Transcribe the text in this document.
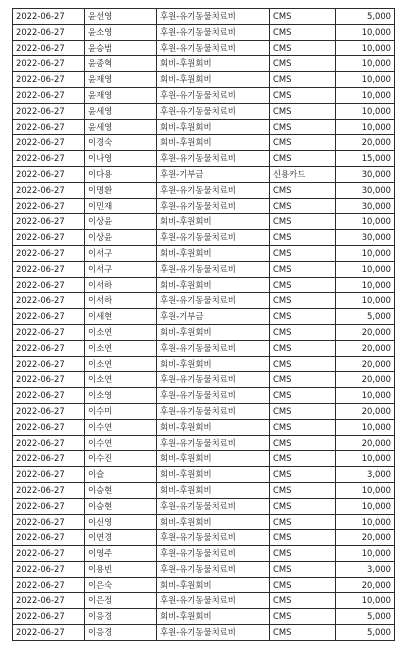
2022-06-27	윤선영	후원-유기동물치료비	CMS	5,000
2022-06-27	윤소영	후원-유기동물치료비	CMS	10,000
2022-06-27	윤승범	후원-유기동물치료비	CMS	10,000
2022-06-27	윤종혁	회비-후원회비	CMS	10,000
2022-06-27	윤재영	회비-후원회비	CMS	10,000
2022-06-27	윤재영	후원-유기동물치료비	CMS	10,000
2022-06-27	윤세영	후원-유기동물치료비	CMS	10,000
2022-06-27	윤세영	회비-후원회비	CMS	10,000
2022-06-27	이경숙	회비-후원회비	CMS	20,000
2022-06-27	이나영	후원-유기동물치료비	CMS	15,000
2022-06-27	이다용	후원-기부금	신용카드	30,000
2022-06-27	이명환	후원-유기동물치료비	CMS	30,000
2022-06-27	이민재	후원-유기동물치료비	CMS	30,000
2022-06-27	이상윤	회비-후원회비	CMS	10,000
2022-06-27	이상윤	후원-유기동물치료비	CMS	30,000
2022-06-27	이서구	회비-후원회비	CMS	10,000
2022-06-27	이서구	후원-유기동물치료비	CMS	10,000
2022-06-27	이서하	회비-후원회비	CMS	10,000
2022-06-27	이서하	후원-유기동물치료비	CMS	10,000
2022-06-27	이세현	후원-기부금	CMS	5,000
2022-06-27	이소연	회비-후원회비	CMS	20,000
2022-06-27	이소연	후원-유기동물치료비	CMS	20,000
2022-06-27	이소연	회비-후원회비	CMS	20,000
2022-06-27	이소연	후원-유기동물치료비	CMS	20,000
2022-06-27	이소영	후원-유기동물치료비	CMS	10,000
2022-06-27	이수미	후원-유기동물치료비	CMS	20,000
2022-06-27	이수연	회비-후원회비	CMS	10,000
2022-06-27	이수연	후원-유기동물치료비	CMS	20,000
2022-06-27	이수진	회비-후원회비	CMS	10,000
2022-06-27	이슬	회비-후원회비	CMS	3,000
2022-06-27	이승현	회비-후원회비	CMS	10,000
2022-06-27	이승현	후원-유기동물치료비	CMS	10,000
2022-06-27	이신영	회비-후원회비	CMS	10,000
2022-06-27	이연경	후원-유기동물치료비	CMS	20,000
2022-06-27	이영주	후원-유기동물치료비	CMS	10,000
2022-06-27	이용빈	후원-유기동물치료비	CMS	3,000
2022-06-27	이은숙	회비-후원회비	CMS	20,000
2022-06-27	이은정	후원-유기동물치료비	CMS	10,000
2022-06-27	이응경	회비-후원회비	CMS	5,000
2022-06-27	이응경	후원-유기동물치료비	CMS	5,000
